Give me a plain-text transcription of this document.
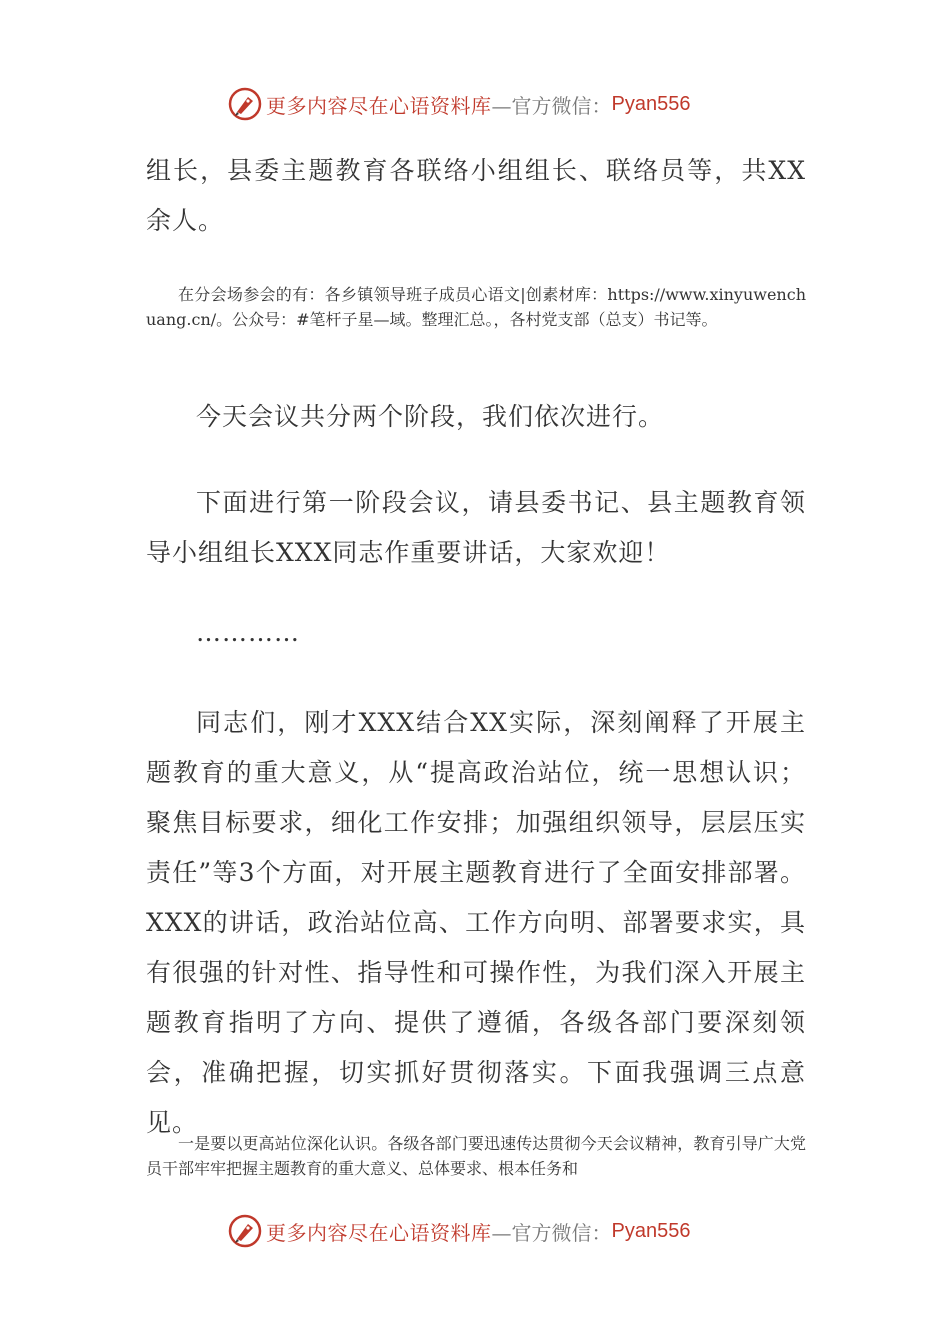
更多内容尽在心语资料库 —官方微信： Pyan556

组长，县委主题教育各联络小组组长、联络员等，共XX余人。

在分会场参会的有：各乡镇领导班子成员心语文|创素材库：https://www.xinyuwenchuang.cn/。公众号：#笔杆子星—域。整理汇总。，各村党支部（总支）书记等。

今天会议共分两个阶段，我们依次进行。

下面进行第一阶段会议，请县委书记、县主题教育领导小组组长XXX同志作重要讲话，大家欢迎！

…………

同志们，刚才XXX结合XX实际，深刻阐释了开展主题教育的重大意义，从“提高政治站位，统一思想认识；聚焦目标要求，细化工作安排；加强组织领导，层层压实责任”等3个方面，对开展主题教育进行了全面安排部署。XXX的讲话，政治站位高、工作方向明、部署要求实，具有很强的针对性、指导性和可操作性，为我们深入开展主题教育指明了方向、提供了遵循，各级各部门要深刻领会，准确把握，切实抓好贯彻落实。下面我强调三点意见。

一是要以更高站位深化认识。各级各部门要迅速传达贯彻今天会议精神，教育引导广大党员干部牢牢把握主题教育的重大意义、总体要求、根本任务和

更多内容尽在心语资料库 —官方微信： Pyan556
